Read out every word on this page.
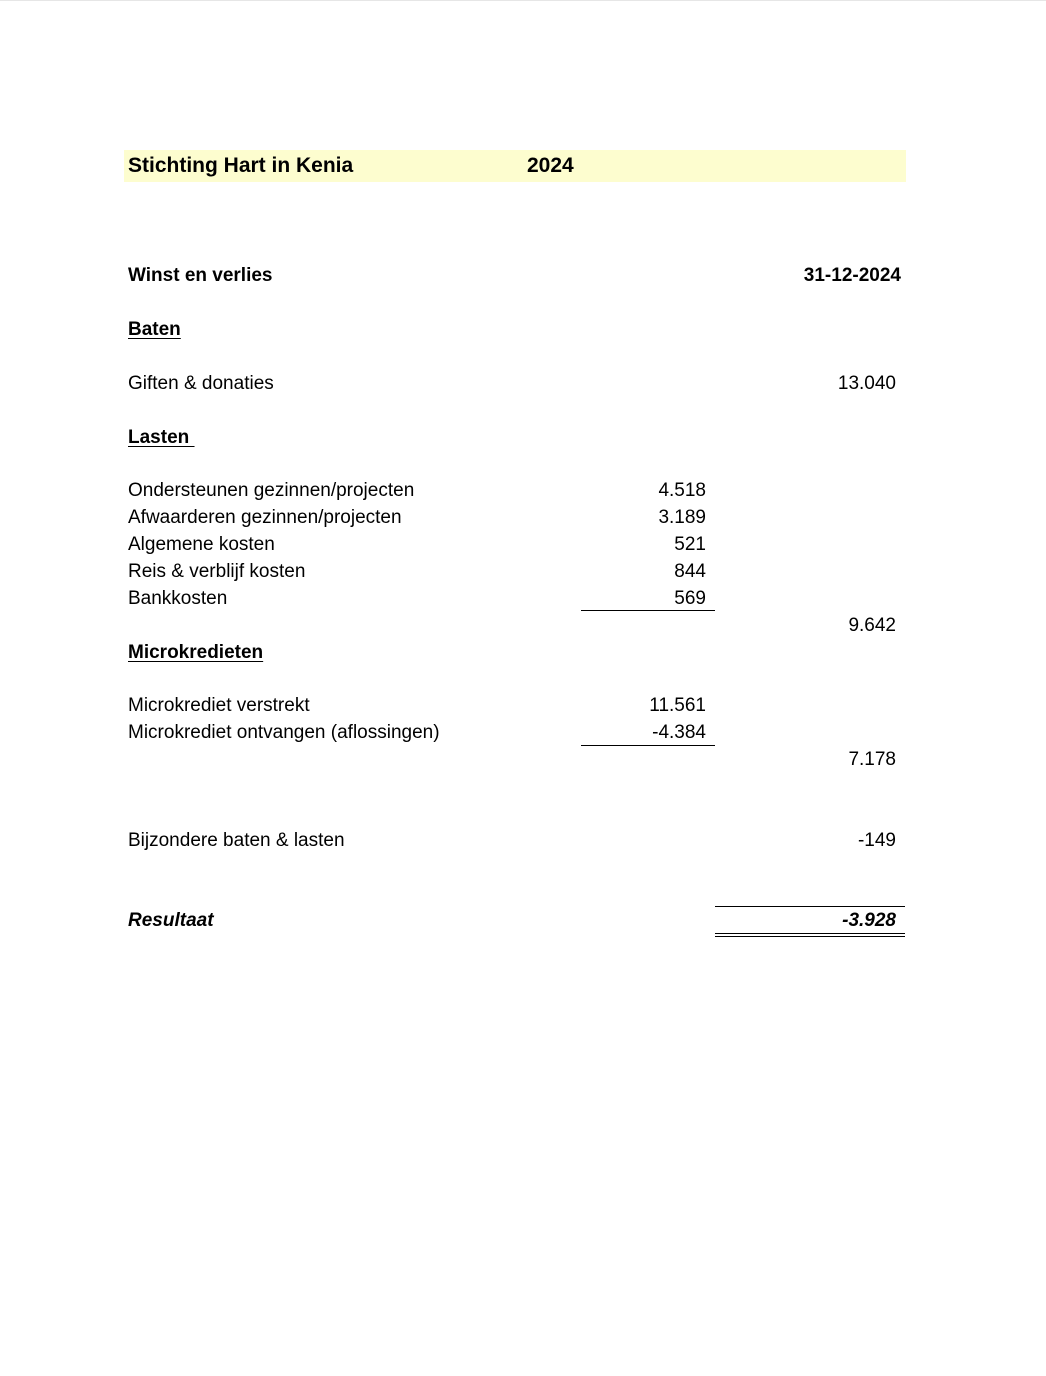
Stichting Hart in Kenia	2024
Winst en verlies	31-12-2024
Baten
Giften & donaties	13.040
Lasten
Ondersteunen gezinnen/projecten	4.518
Afwaarderen gezinnen/projecten	3.189
Algemene kosten	521
Reis & verblijf kosten	844
Bankkosten	569
9.642
Microkredieten
Microkrediet verstrekt	11.561
Microkrediet ontvangen (aflossingen)	-4.384
7.178
Bijzondere baten & lasten	-149
Resultaat	-3.928
